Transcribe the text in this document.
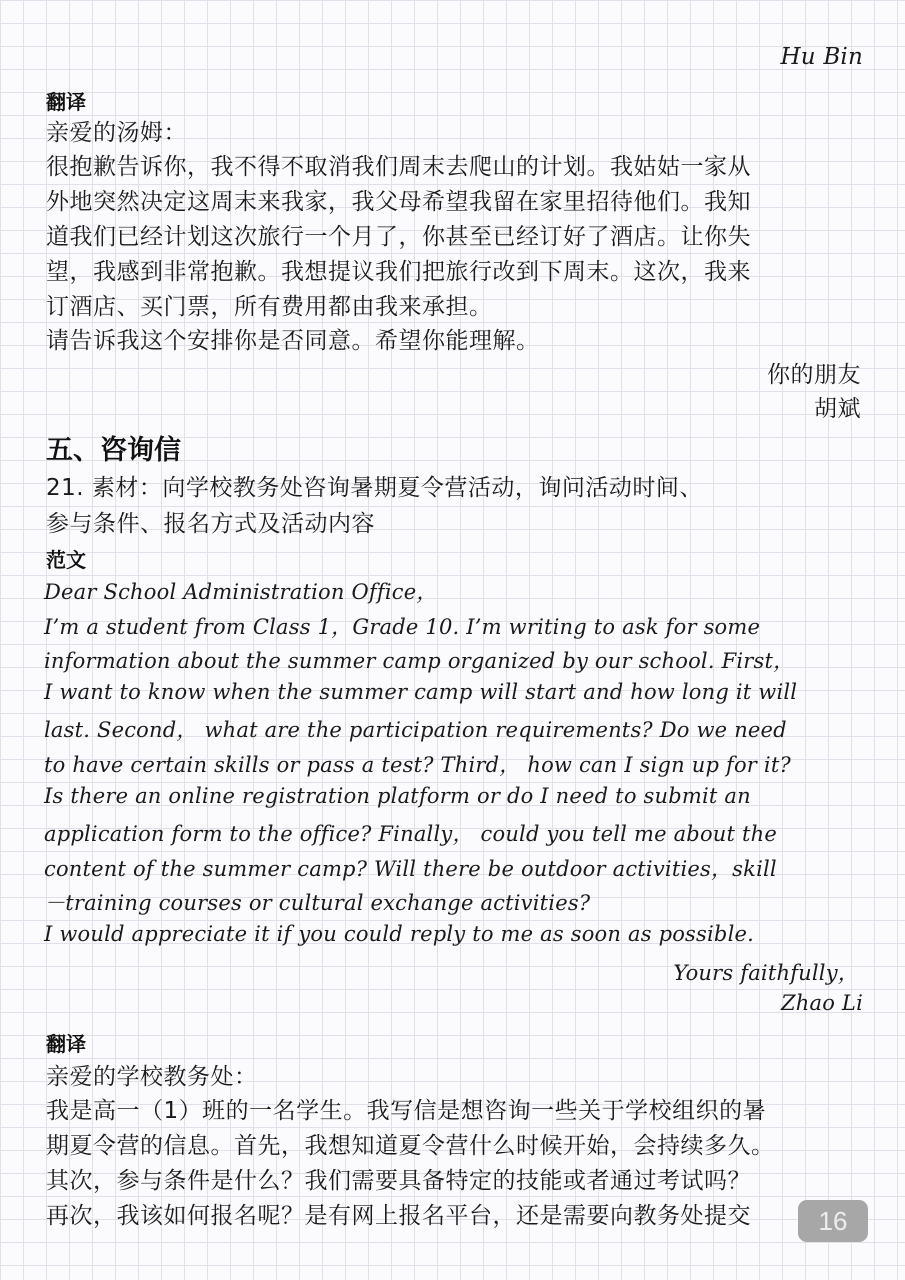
Hu Bin
翻译
亲爱的汤姆：
很抱歉告诉你，我不得不取消我们周末去爬山的计划。我姑姑一家从
外地突然决定这周末来我家，我父母希望我留在家里招待他们。我知
道我们已经计划这次旅行一个月了，你甚至已经订好了酒店。让你失
望，我感到非常抱歉。我想提议我们把旅行改到下周末。这次，我来
订酒店、买门票，所有费用都由我来承担。
请告诉我这个安排你是否同意。希望你能理解。
你的朋友
胡斌
五、咨询信
21. 素材：向学校教务处咨询暑期夏令营活动，询问活动时间、
参与条件、报名方式及活动内容
范文
Dear School Administration Office，
I’m a student from Class 1，Grade 10. I’m writing to ask for some
information about the summer camp organized by our school. First，
I want to know when the summer camp will start and how long it will
last. Second， what are the participation requirements? Do we need
to have certain skills or pass a test? Third， how can I sign up for it?
Is there an online registration platform or do I need to submit an
application form to the office? Finally， could you tell me about the
content of the summer camp? Will there be outdoor activities，skill
－training courses or cultural exchange activities?
I would appreciate it if you could reply to me as soon as possible.
Yours faithfully，
Zhao Li
翻译
亲爱的学校教务处：
我是高一（1）班的一名学生。我写信是想咨询一些关于学校组织的暑
期夏令营的信息。首先，我想知道夏令营什么时候开始，会持续多久。
其次，参与条件是什么？我们需要具备特定的技能或者通过考试吗？
再次，我该如何报名呢？是有网上报名平台，还是需要向教务处提交	16
